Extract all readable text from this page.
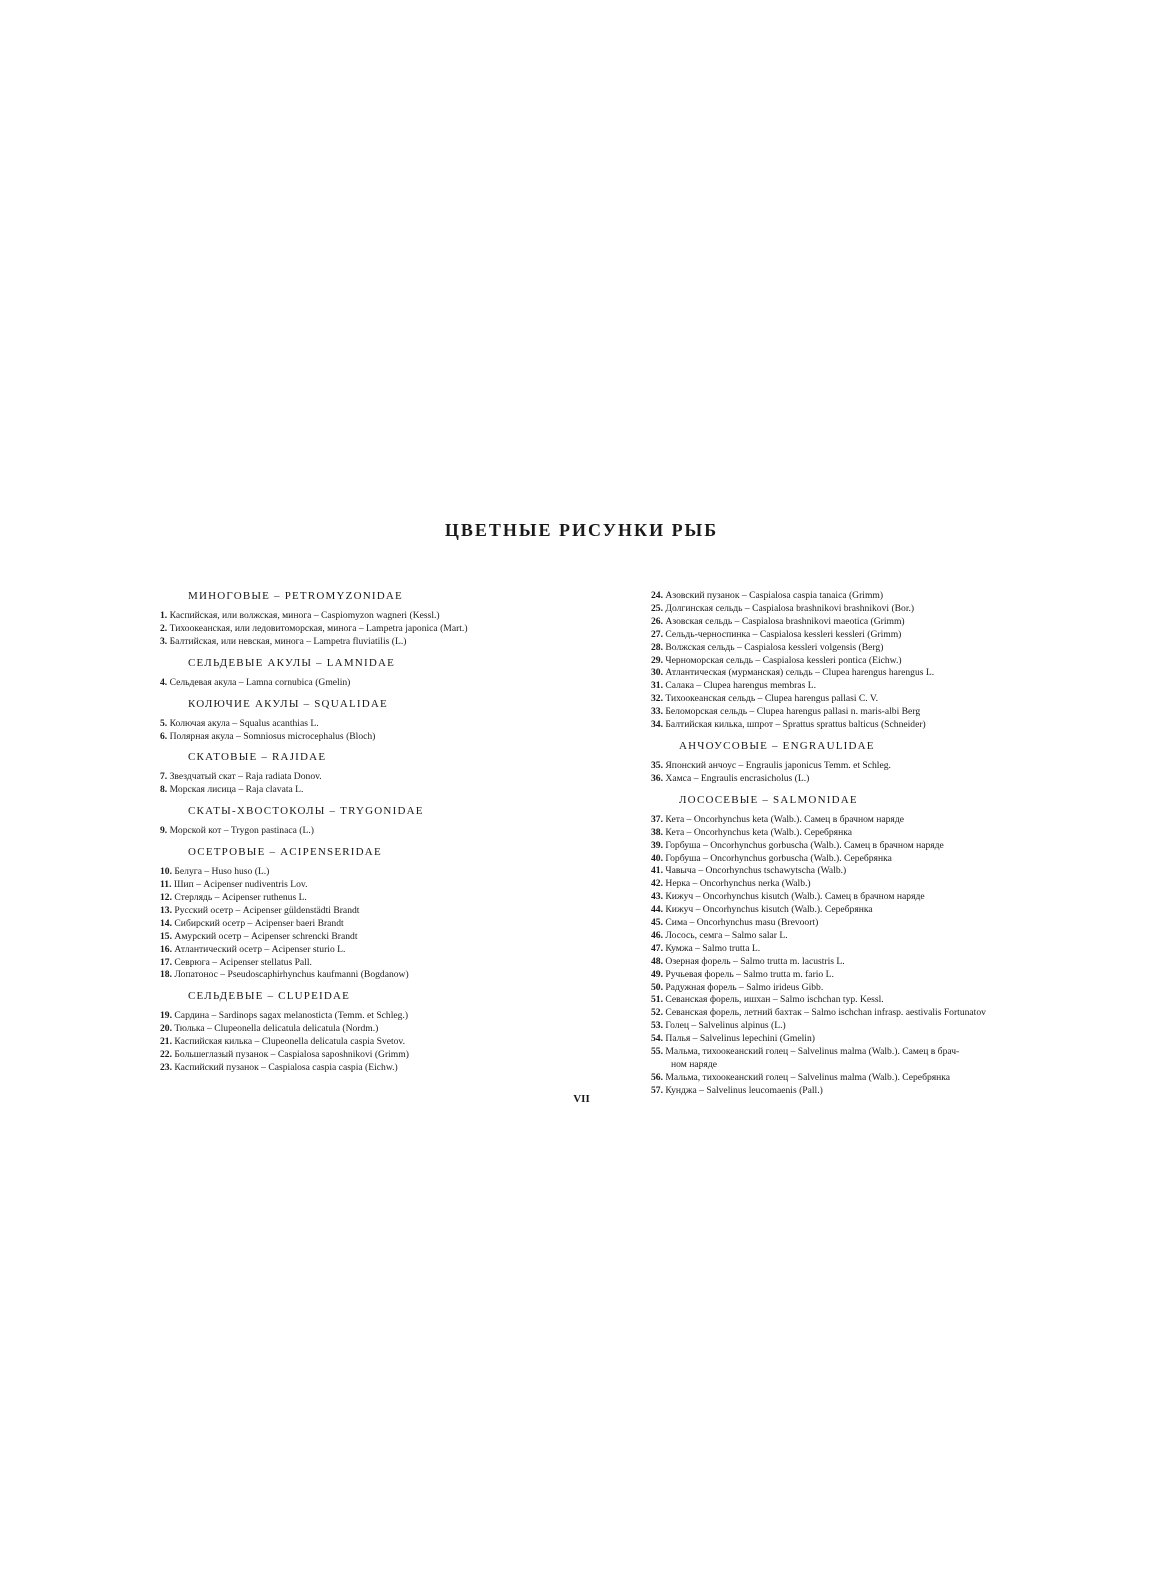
ЦВЕТНЫЕ РИСУНКИ РЫБ
МИНОГОВЫЕ – PETROMYZONIDAE
1. Каспийская, или волжская, минога – Caspiomyzon wagneri (Kessl.)
2. Тихоокеанская, или ледовитоморская, минога – Lampetra japonica (Mart.)
3. Балтийская, или невская, минога – Lampetra fluviatilis (L.)
СЕЛЬДЕВЫЕ АКУЛЫ – LAMNIDAE
4. Сельдевая акула – Lamna cornubica (Gmelin)
КОЛЮЧИЕ АКУЛЫ – SQUALIDAE
5. Колючая акула – Squalus acanthias L.
6. Полярная акула – Somniosus microcephalus (Bloch)
СКАТОВЫЕ – RAJIDAE
7. Звездчатый скат – Raja radiata Donov.
8. Морская лисица – Raja clavata L.
СКАТЫ-ХВОСТОКОЛЫ – TRYGONIDAE
9. Морской кот – Trygon pastinaca (L.)
ОСЕТРОВЫЕ – ACIPENSERIDAE
10. Белуга – Huso huso (L.)
11. Шип – Acipenser nudiventris Lov.
12. Стерлядь – Acipenser ruthenus L.
13. Русский осетр – Acipenser güldenstädti Brandt
14. Сибирский осетр – Acipenser baeri Brandt
15. Амурский осетр – Acipenser schrencki Brandt
16. Атлантический осетр – Acipenser sturio L.
17. Севрюга – Acipenser stellatus Pall.
18. Лопатонос – Pseudoscaphirhynchus kaufmanni (Bogdanow)
СЕЛЬДЕВЫЕ – CLUPEIDAE
19. Сардина – Sardinops sagax melanosticta (Temm. et Schleg.)
20. Тюлька – Clupeonella delicatula delicatula (Nordm.)
21. Каспийская килька – Clupeonella delicatula caspia Svetov.
22. Большеглазый пузанок – Caspialosa saposhnikovi (Grimm)
23. Каспийский пузанок – Caspialosa caspia caspia (Eichw.)
24. Азовский пузанок – Caspialosa caspia tanaica (Grimm)
25. Долгинская сельдь – Caspialosa brashnikovi brashnikovi (Bor.)
26. Азовская сельдь – Caspialosa brashnikovi maeotica (Grimm)
27. Сельдь-черноспинка – Caspialosa kessleri kessleri (Grimm)
28. Волжская сельдь – Caspialosa kessleri volgensis (Berg)
29. Черноморская сельдь – Caspialosa kessleri pontica (Eichw.)
30. Атлантическая (мурманская) сельдь – Clupea harengus harengus L.
31. Салака – Clupea harengus membras L.
32. Тихоокеанская сельдь – Clupea harengus pallasi C. V.
33. Беломорская сельдь – Clupea harengus pallasi n. maris-albi Berg
34. Балтийская килька, шпрот – Sprattus sprattus balticus (Schneider)
АНЧОУСОВЫЕ – ENGRAULIDAE
35. Японский анчоус – Engraulis japonicus Temm. et Schleg.
36. Хамса – Engraulis encrasicholus (L.)
ЛОСОСЕВЫЕ – SALMONIDAE
37. Кета – Oncorhynchus keta (Walb.). Самец в брачном наряде
38. Кета – Oncorhynchus keta (Walb.). Серебрянка
39. Горбуша – Oncorhynchus gorbuscha (Walb.). Самец в брачном наряде
40. Горбуша – Oncorhynchus gorbuscha (Walb.). Серебрянка
41. Чавыча – Oncorhynchus tschawytscha (Walb.)
42. Нерка – Oncorhynchus nerka (Walb.)
43. Кижуч – Oncorhynchus kisutch (Walb.). Самец в брачном наряде
44. Кижуч – Oncorhynchus kisutch (Walb.). Серебрянка
45. Сима – Oncorhynchus masu (Brevoort)
46. Лосось, семга – Salmo salar L.
47. Кумжа – Salmo trutta L.
48. Озерная форель – Salmo trutta m. lacustris L.
49. Ручьевая форель – Salmo trutta m. fario L.
50. Радужная форель – Salmo irideus Gibb.
51. Севанская форель, ишхан – Salmo ischchan typ. Kessl.
52. Севанская форель, летний бахтак – Salmo ischchan infrasp. aestivalis Fortunatov
53. Голец – Salvelinus alpinus (L.)
54. Палья – Salvelinus lepechini (Gmelin)
55. Мальма, тихоокеанский голец – Salvelinus malma (Walb.). Самец в брач-
ном наряде
56. Мальма, тихоокеанский голец – Salvelinus malma (Walb.). Серебрянка
57. Кунджа – Salvelinus leucomaenis (Pall.)
VII
